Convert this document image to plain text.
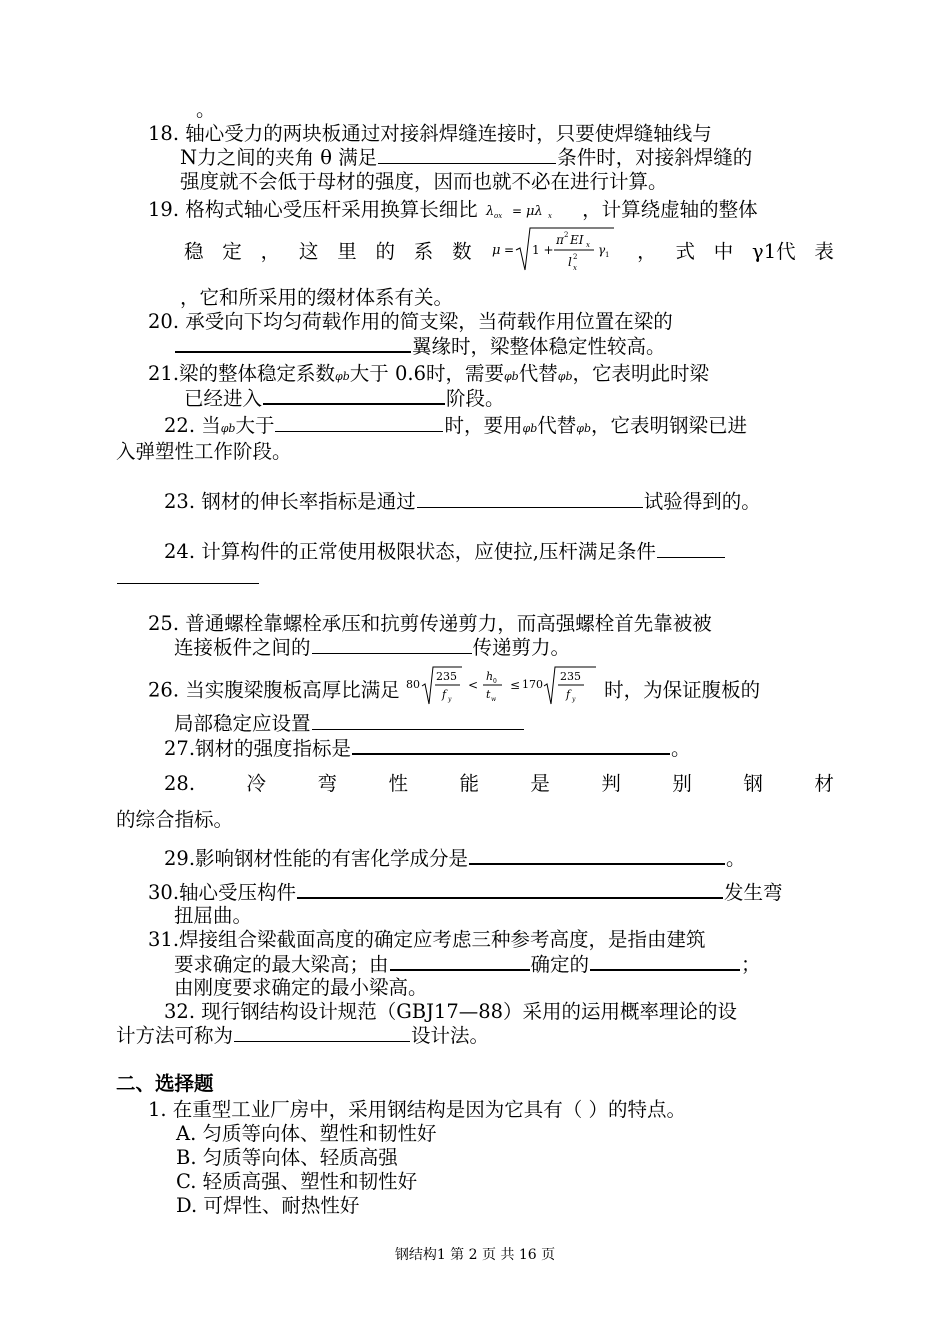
。
18. 轴心受力的两块板通过对接斜焊缝连接时，只要使焊缝轴线与
N力之间的夹角 θ 满足	条件时，对接斜焊缝的
强度就不会低于母材的强度，因而也就不必在进行计算。
19. 格构式轴心受压杆采用换算长细比 λ ox = μλ x ，计算绕虚轴的整体
稳 定 ， 这 里 的 系 数 μ = 1 +
π 2 EI x
l 2
x
γ 1 ， 式 中 γ1代 表
，它和所采用的缀材体系有关。
20. 承受向下均匀荷载作用的简支梁，当荷载作用位置在梁的
翼缘时，梁整体稳定性较高。
21.梁的整体稳定系数φb大于 0.6时，需要φb代替φb，它表明此时梁
已经进入	阶段。
22. 当φb大于	时，要用φb代替φb，它表明钢梁已进
入弹塑性工作阶段。
23. 钢材的伸长率指标是通过	试验得到的。
24. 计算构件的正常使用极限状态，应使拉,压杆满足条件
25. 普通螺栓靠螺栓承压和抗剪传递剪力，而高强螺栓首先靠被被
连接板件之间的	传递剪力。
26. 当实腹梁腹板高厚比满足 80
235
f y
<
h 0
t w
≤ 170
235
f y 时，为保证腹板的
局部稳定应设置
27.钢材的强度指标是	。
28.	冷	弯	性	能	是	判	别	钢	材
的综合指标。
29.影响钢材性能的有害化学成分是	。
30.轴心受压构件	发生弯
扭屈曲。
31.焊接组合梁截面高度的确定应考虑三种参考高度，是指由建筑
要求确定的最大梁高；由	确定的	；
由刚度要求确定的最小梁高。
32. 现行钢结构设计规范（GBJ17—88）采用的运用概率理论的设
计方法可称为	设计法。
二、选择题
1. 在重型工业厂房中，采用钢结构是因为它具有（ ）的特点。
A. 匀质等向体、塑性和韧性好
B. 匀质等向体、轻质高强
C. 轻质高强、塑性和韧性好
D. 可焊性、耐热性好
钢结构1 第 2 页 共 16 页
